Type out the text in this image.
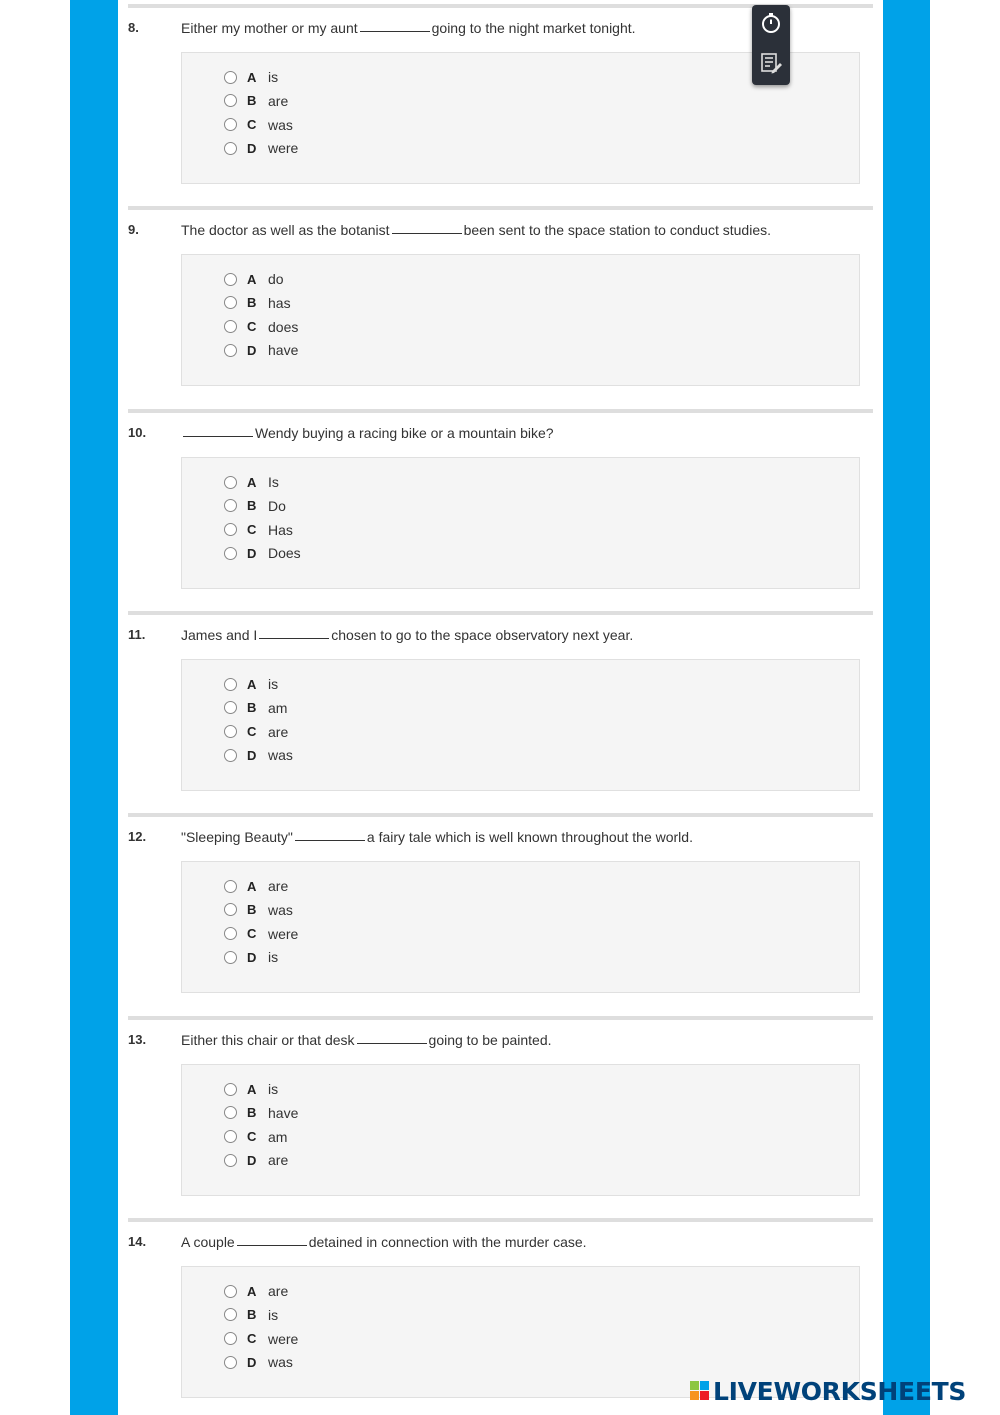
8.	Either my mother or my aunt	going to the night market tonight.
A is
B are
C was
D were
9.	The doctor as well as the botanist	been sent to the space station to conduct studies.
A do
B has
C does
D have
10.	Wendy buying a racing bike or a mountain bike?
A Is
B Do
C Has
D Does
11.	James and I	chosen to go to the space observatory next year.
A is
B am
C are
D was
12. "Sleeping Beauty"	a fairy tale which is well known throughout the world.
A are
B was
C were
D is
13. Either this chair or that desk	going to be painted.
A is
B have
C am
D are
14. A couple	detained in connection with the murder case.
A are
B is
C were
D was
LIVEWORKSHEETS
